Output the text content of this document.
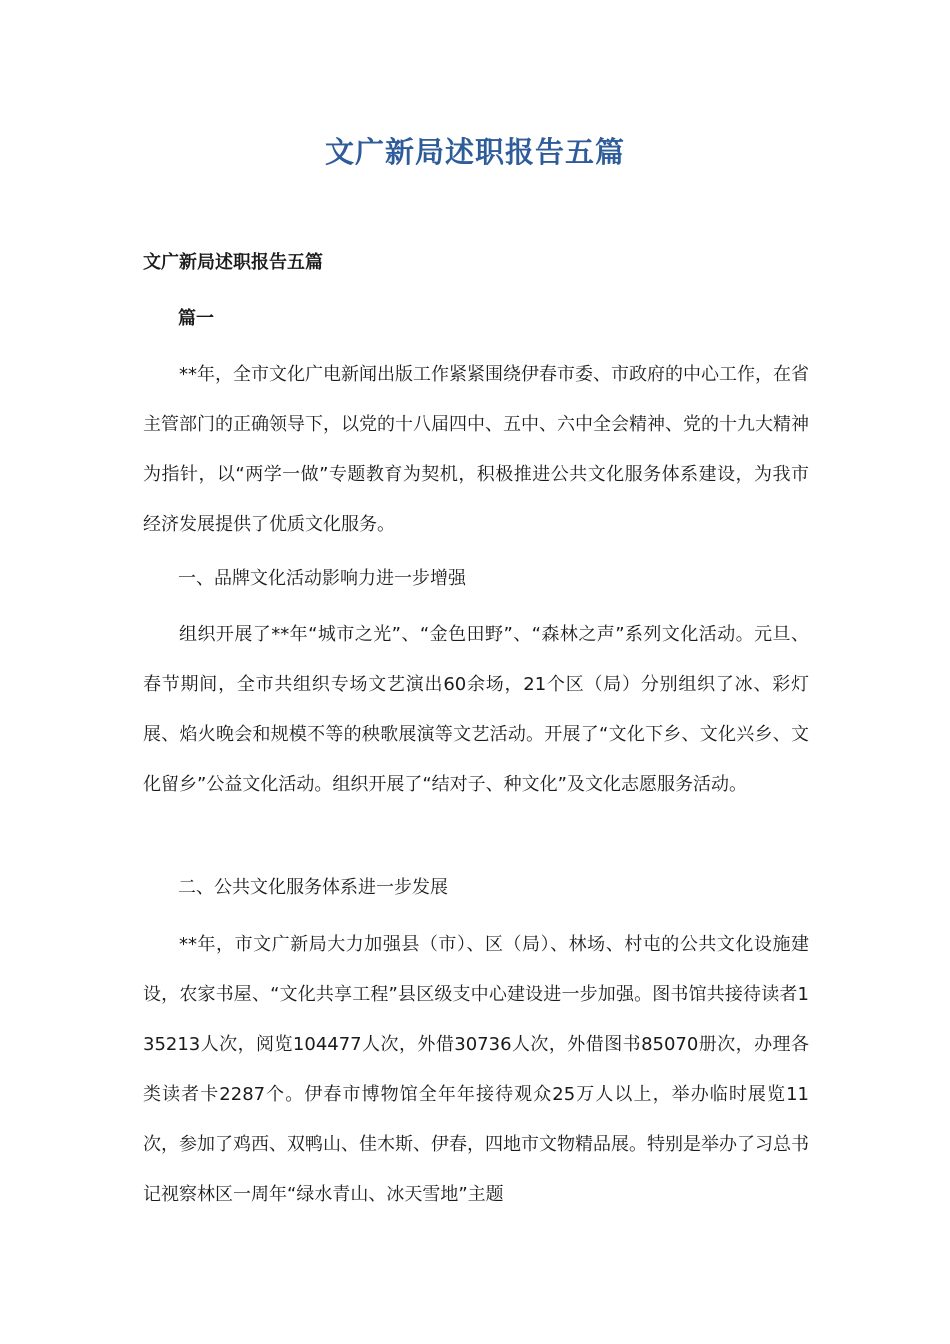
文广新局述职报告五篇
文广新局述职报告五篇
篇一

**年，全市文化广电新闻出版工作紧紧围绕伊春市委、市政府的中心工作，在省主管部门的正确领导下，以党的十八届四中、五中、六中全会精神、党的十九大精神为指针，以“两学一做”专题教育为契机，积极推进公共文化服务体系建设，为我市经济发展提供了优质文化服务。

一、品牌文化活动影响力进一步增强

组织开展了**年“城市之光”、“金色田野”、“森林之声”系列文化活动。元旦、春节期间，全市共组织专场文艺演出60余场，21个区（局）分别组织了冰、彩灯展、焰火晚会和规模不等的秧歌展演等文艺活动。开展了“文化下乡、文化兴乡、文化留乡”公益文化活动。组织开展了“结对子、种文化”及文化志愿服务活动。

二、公共文化服务体系进一步发展

**年，市文广新局大力加强县（市）、区（局）、林场、村屯的公共文化设施建设，农家书屋、“文化共享工程”县区级支中心建设进一步加强。图书馆共接待读者135213人次，阅览104477人次，外借30736人次，外借图书85070册次，办理各类读者卡2287个。伊春市博物馆全年年接待观众25万人以上，举办临时展览11次，参加了鸡西、双鸭山、佳木斯、伊春，四地市文物精品展。特别是举办了习总书记视察林区一周年“绿水青山、冰天雪地”主题
